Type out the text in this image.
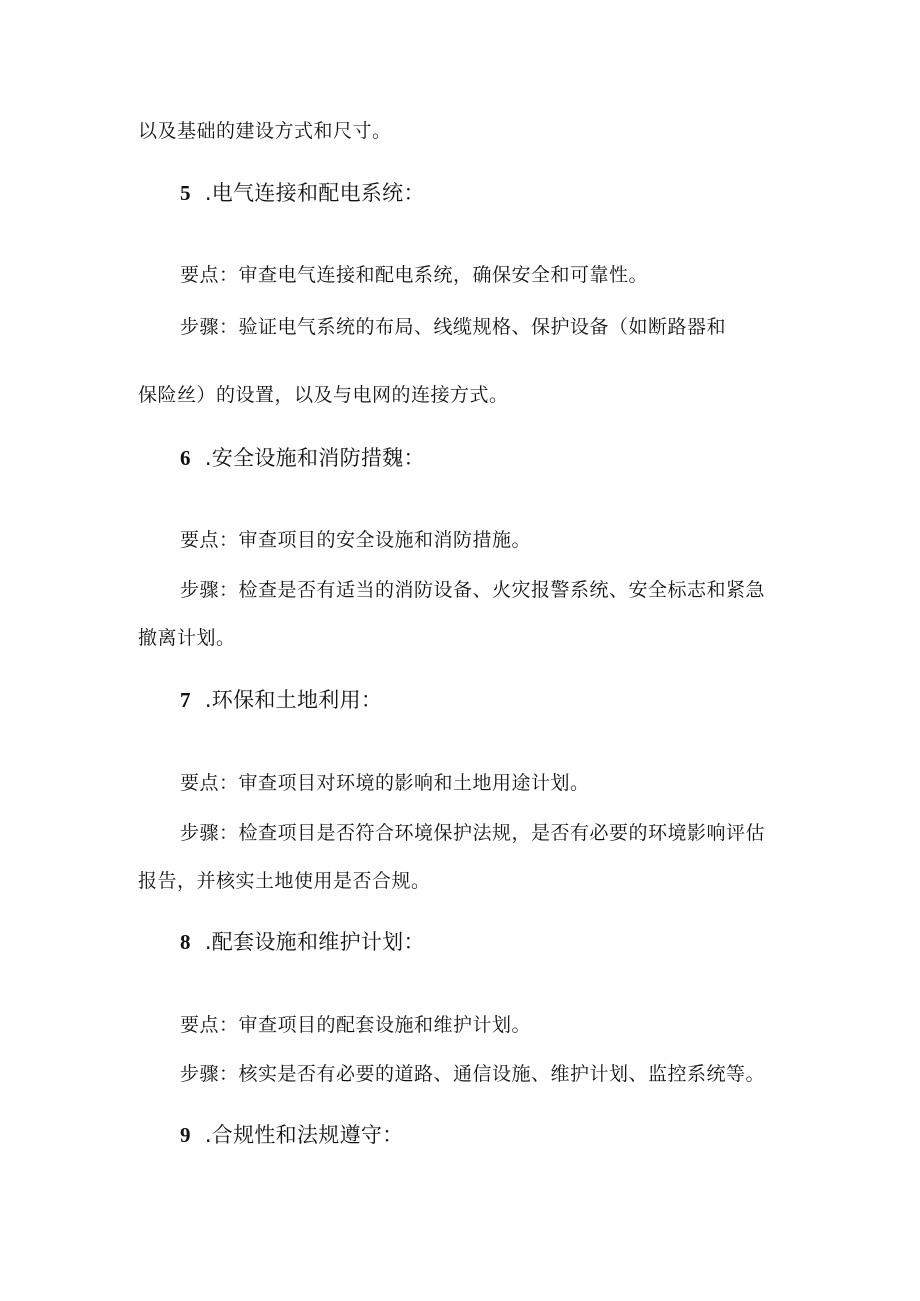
以及基础的建设方式和尺寸。
5 .电气连接和配电系统：
要点：审查电气连接和配电系统，确保安全和可靠性。
步骤：验证电气系统的布局、线缆规格、保护设备（如断路器和
保险丝）的设置，以及与电网的连接方式。
6 .安全设施和消防措魏：
要点：审查项目的安全设施和消防措施。
步骤：检查是否有适当的消防设备、火灾报警系统、安全标志和紧急
撤离计划。
7 .环保和土地利用：
要点：审查项目对环境的影响和土地用途计划。
步骤：检查项目是否符合环境保护法规，是否有必要的环境影响评估
报告，并核实土地使用是否合规。
8 .配套设施和维护计划：
要点：审查项目的配套设施和维护计划。
步骤：核实是否有必要的道路、通信设施、维护计划、监控系统等。
9 .合规性和法规遵守：
